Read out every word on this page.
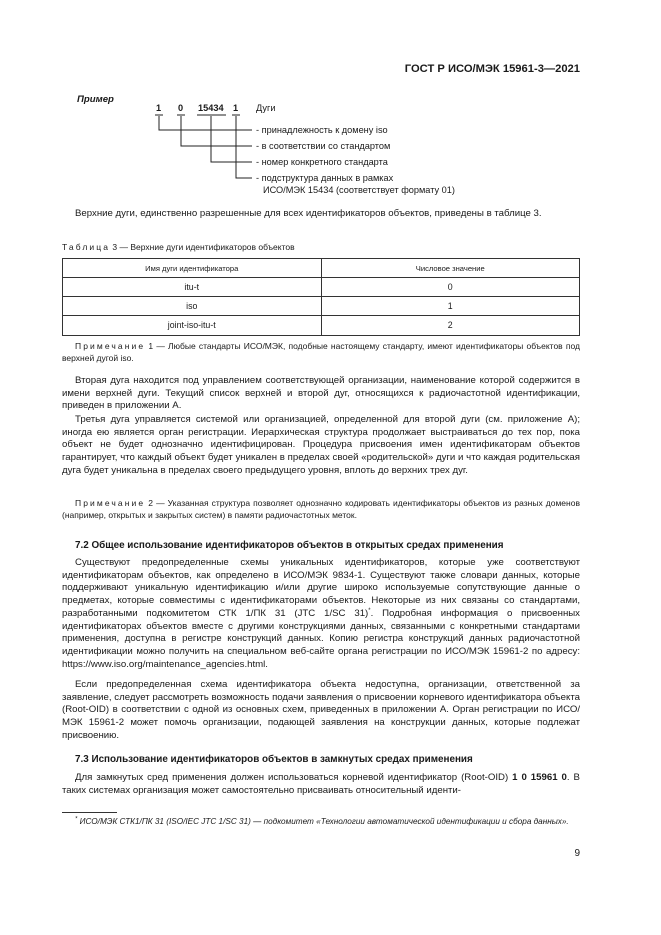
ГОСТ Р ИСО/МЭК 15961-3—2021
Пример
1 0 15434 1 Дуги
- принадлежность к домену iso
- в соответствии со стандартом
- номер конкретного стандарта
- подструктура данных в рамках
ИСО/МЭК 15434 (соответствует формату 01)

Верхние дуги, единственно разрешенные для всех идентификаторов объектов, приведены в таблице 3.

Таблица 3 — Верхние дуги идентификаторов объектов
Имя дуги идентификатора	Числовое значение
itu-t	0
iso	1
joint-iso-itu-t	2

Примечание 1 — Любые стандарты ИСО/МЭК, подобные настоящему стандарту, имеют идентификаторы объектов под верхней дугой iso.

Вторая дуга находится под управлением соответствующей организации, наименование которой содержится в имени верхней дуги. Текущий список верхней и второй дуг, относящихся к радиочастотной идентификации, приведен в приложении А.

Третья дуга управляется системой или организацией, определенной для второй дуги (см. приложение А); иногда ею является орган регистрации. Иерархическая структура продолжает выстраиваться до тех пор, пока объект не будет однозначно идентифицирован. Процедура присвоения имен идентификаторам объектов гарантирует, что каждый объект будет уникален в пределах своей «родительской» дуги и что каждая родительская дуга будет уникальна в пределах своего предыдущего уровня, вплоть до верхних трех дуг.

Примечание 2 — Указанная структура позволяет однозначно кодировать идентификаторы объектов из разных доменов (например, открытых и закрытых систем) в памяти радиочастотных меток.

7.2 Общее использование идентификаторов объектов в открытых средах применения

Существуют предопределенные схемы уникальных идентификаторов, которые уже соответствуют идентификаторам объектов, как определено в ИСО/МЭК 9834-1. Существуют также словари данных, которые поддерживают уникальную идентификацию и/или другие широко используемые сопутствующие данные о предметах, которые совместимы с идентификаторами объектов. Некоторые из них связаны со стандартами, разработанными подкомитетом СТК 1/ПК 31 (JTC 1/SC 31)*. Подробная информация о присвоенных идентификаторах объектов вместе с другими конструкциями данных, связанными с конкретными стандартами применения, доступна в регистре конструкций данных. Копию регистра конструкций данных радиочастотной идентификации можно получить на специальном веб-сайте органа регистрации по ИСО/МЭК 15961-2 по адресу: https://www.iso.org/maintenance_agencies.html.

Если предопределенная схема идентификатора объекта недоступна, организации, ответственной за заявление, следует рассмотреть возможность подачи заявления о присвоении корневого идентификатора объекта (Root-OID) в соответствии с одной из основных схем, приведенных в приложении А. Орган регистрации по ИСО/МЭК 15961-2 может помочь организации, подающей заявления на конструкции данных, которые подлежат присвоению.

7.3 Использование идентификаторов объектов в замкнутых средах применения

Для замкнутых сред применения должен использоваться корневой идентификатор (Root-OID) 1 0 15961 0. В таких системах организация может самостоятельно присваивать относительный иденти-

* ИСО/МЭК СТК1/ПК 31 (ISO/IEC JTC 1/SC 31) — подкомитет «Технологии автоматической идентификации и сбора данных».

9
